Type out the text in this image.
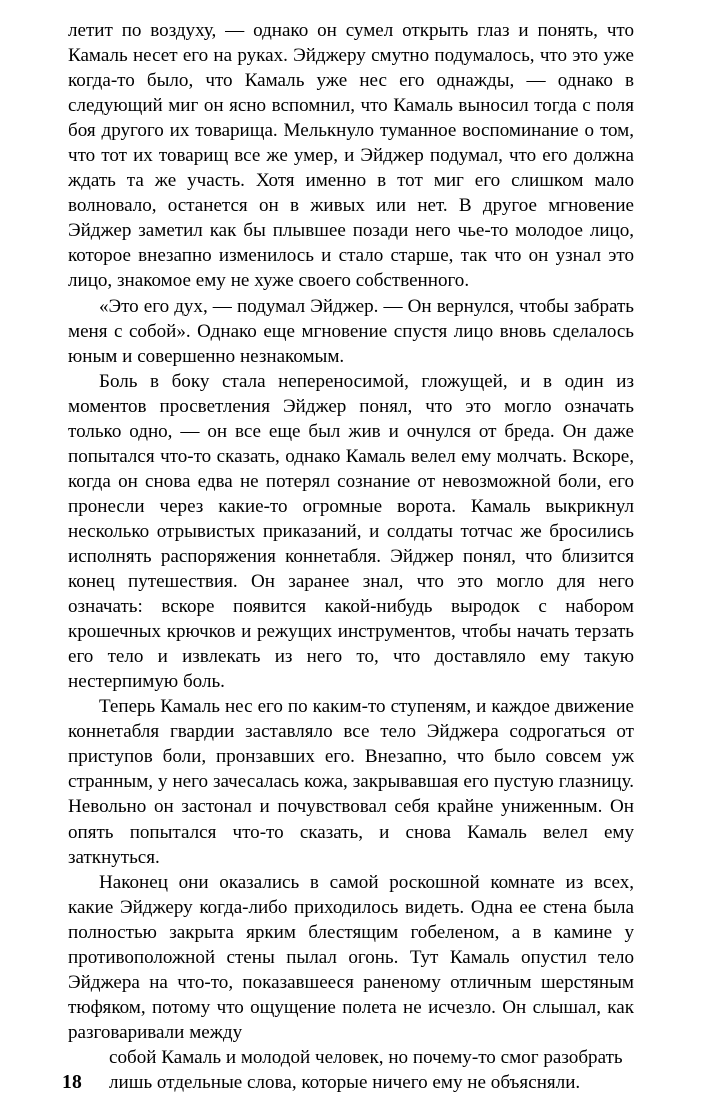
летит по воздуху, — однако он сумел открыть глаз и понять, что Камаль несет его на руках. Эйджеру смутно подумалось, что это уже когда-то было, что Камаль уже нес его однажды, — однако в следующий миг он ясно вспомнил, что Камаль выносил тогда с поля боя другого их товарища. Мелькнуло туманное воспоминание о том, что тот их товарищ все же умер, и Эйджер подумал, что его должна ждать та же участь. Хотя именно в тот миг его слишком мало волновало, останется он в живых или нет. В другое мгновение Эйджер заметил как бы плывшее позади него чье-то молодое лицо, которое внезапно изменилось и стало старше, так что он узнал это лицо, знакомое ему не хуже своего собственного.

«Это его дух, — подумал Эйджер. — Он вернулся, чтобы забрать меня с собой». Однако еще мгновение спустя лицо вновь сделалось юным и совершенно незнакомым.

Боль в боку стала непереносимой, гложущей, и в один из моментов просветления Эйджер понял, что это могло означать только одно, — он все еще был жив и очнулся от бреда. Он даже попытался что-то сказать, однако Камаль велел ему молчать. Вскоре, когда он снова едва не потерял сознание от невозможной боли, его пронесли через какие-то огромные ворота. Камаль выкрикнул несколько отрывистых приказаний, и солдаты тотчас же бросились исполнять распоряжения коннетабля. Эйджер понял, что близится конец путешествия. Он заранее знал, что это могло для него означать: вскоре появится какой-нибудь выродок с набором крошечных крючков и режущих инструментов, чтобы начать терзать его тело и извлекать из него то, что доставляло ему такую нестерпимую боль.

Теперь Камаль нес его по каким-то ступеням, и каждое движение коннетабля гвардии заставляло все тело Эйджера содрогаться от приступов боли, пронзавших его. Внезапно, что было совсем уж странным, у него зачесалась кожа, закрывавшая его пустую глазницу. Невольно он застонал и почувствовал себя крайне униженным. Он опять попытался что-то сказать, и снова Камаль велел ему заткнуться.

Наконец они оказались в самой роскошной комнате из всех, какие Эйджеру когда-либо приходилось видеть. Одна ее стена была полностью закрыта ярким блестящим гобеленом, а в камине у противоположной стены пылал огонь. Тут Камаль опустил тело Эйджера на что-то, показавшееся раненому отличным шерстяным тюфяком, потому что ощущение полета не исчезло. Он слышал, как разговаривали между

собой Камаль и молодой человек, но почему-то смог разобрать

лишь отдельные слова, которые ничего ему не объясняли.

18
